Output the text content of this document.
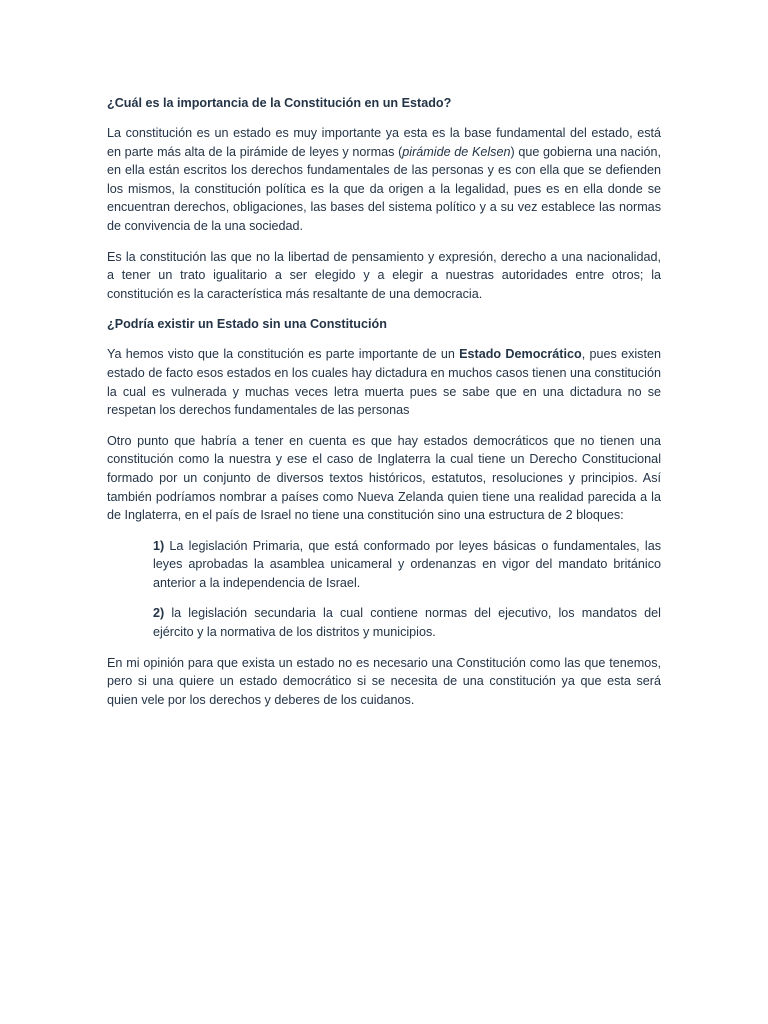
¿Cuál es la importancia de la Constitución en un Estado?

La constitución es un estado es muy importante ya esta es la base fundamental del estado, está en parte más alta de la pirámide de leyes y normas (pirámide de Kelsen) que gobierna una nación, en ella están escritos los derechos fundamentales de las personas y es con ella que se defienden los mismos, la constitución política es la que da origen a la legalidad, pues es en ella donde se encuentran derechos, obligaciones, las bases del sistema político y a su vez establece las normas de convivencia de la una sociedad.

Es la constitución las que no la libertad de pensamiento y expresión, derecho a una nacionalidad, a tener un trato igualitario a ser elegido y a elegir a nuestras autoridades entre otros; la constitución es la característica más resaltante de una democracia.

¿Podría existir un Estado sin una Constitución

Ya hemos visto que la constitución es parte importante de un Estado Democrático, pues existen estado de facto esos estados en los cuales hay dictadura en muchos casos tienen una constitución la cual es vulnerada y muchas veces letra muerta pues se sabe que en una dictadura no se respetan los derechos fundamentales de las personas

Otro punto que habría a tener en cuenta es que hay estados democráticos que no tienen una constitución como la nuestra y ese el caso de Inglaterra la cual tiene un Derecho Constitucional formado por un conjunto de diversos textos históricos, estatutos, resoluciones y principios. Así también podríamos nombrar a países como Nueva Zelanda quien tiene una realidad parecida a la de Inglaterra, en el país de Israel no tiene una constitución sino una estructura de 2 bloques:

1) La legislación Primaria, que está conformado por leyes básicas o fundamentales, las leyes aprobadas la asamblea unicameral y ordenanzas en vigor del mandato británico anterior a la independencia de Israel.

2) la legislación secundaria la cual contiene normas del ejecutivo, los mandatos del ejército y la normativa de los distritos y municipios.

En mi opinión para que exista un estado no es necesario una Constitución como las que tenemos, pero si una quiere un estado democrático si se necesita de una constitución ya que esta será quien vele por los derechos y deberes de los cuidanos.
